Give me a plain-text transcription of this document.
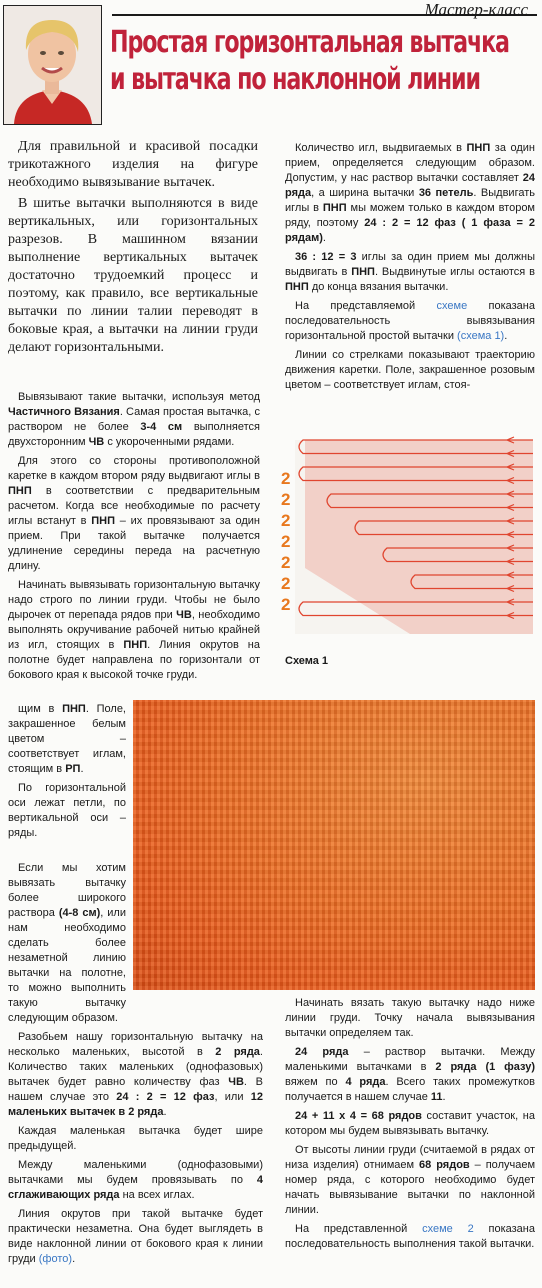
Мастер-класс
Простая горизонтальная вытачка
и вытачка по наклонной линии

Для правильной и красивой посадки трикотажного изделия на фигуре необходимо вывязывание вытачек.

В шитье вытачки выполняются в виде вертикальных, или горизонтальных разрезов. В машинном вязании выполнение вертикальных вытачек достаточно трудоемкий процесс и поэтому, как правило, все вертикальные вытачки по линии талии переводят в боковые края, а вытачки на линии груди делают горизонтальными.

Вывязывают такие вытачки, используя метод Частичного Вязания. Самая простая вытачка, с раствором не более 3-4 см выполняется двухсторонним ЧВ с укороченными рядами.

Для этого со стороны противоположной каретке в каждом втором ряду выдвигают иглы в ПНП в соответствии с предварительным расчетом. Когда все необходимые по расчету иглы встанут в ПНП – их провязывают за один прием. При такой вытачке получается удлинение середины переда на расчетную длину.

Начинать вывязывать горизонтальную вытачку надо строго по линии груди. Чтобы не было дырочек от перепада рядов при ЧВ, необходимо выполнять окручивание рабочей нитью крайней из игл, стоящих в ПНП. Линия окрутов на полотне будет направлена по горизонтали от бокового края к высокой точке груди.

Количество игл, выдвигаемых в ПНП за один прием, определяется следующим образом. Допустим, у нас раствор вытачки составляет 24 ряда, а ширина вытачки 36 петель. Выдвигать иглы в ПНП мы можем только в каждом втором ряду, поэтому 24 : 2 = 12 фаз ( 1 фаза = 2 рядам).

36 : 12 = 3 иглы за один прием мы должны выдвигать в ПНП. Выдвинутые иглы остаются в ПНП до конца вязания вытачки.

На представляемой схеме показана последовательность вывязывания горизонтальной простой вытачки (схема 1).

Линии со стрелками показывают траекторию движения каретки. Поле, закрашенное розовым цветом – соответствует иглам, стоя-

2
2
2
2
2
2
2
Схема 1

щим в ПНП. Поле, закрашенное белым цветом – соответствует иглам, стоящим в РП.

По горизонтальной оси лежат петли, по вертикальной оси – ряды.

Если мы хотим вывязать вытачку более широкого раствора (4-8 см), или нам необходимо сделать более незаметной линию вытачки на полотне, то можно выполнить такую вытачку следующим образом.

Разобьем нашу горизонтальную вытачку на несколько маленьких, высотой в 2 ряда. Количество таких маленьких (однофазовых) вытачек будет равно количеству фаз ЧВ. В нашем случае это 24 : 2 = 12 фаз, или 12 маленьких вытачек в 2 ряда.

Каждая маленькая вытачка будет шире предыдущей.

Между маленькими (однофазовыми) вытачками мы будем провязывать по 4 сглаживающих ряда на всех иглах.

Линия окрутов при такой вытачке будет практически незаметна. Она будет выглядеть в виде наклонной линии от бокового края к линии груди (фото).

Начинать вязать такую вытачку надо ниже линии груди. Точку начала вывязывания вытачки определяем так.

24 ряда – раствор вытачки. Между маленькими вытачками в 2 ряда (1 фазу) вяжем по 4 ряда. Всего таких промежутков получается в нашем случае 11.

24 + 11 х 4 = 68 рядов составит участок, на котором мы будем вывязывать вытачку.

От высоты линии груди (считаемой в рядах от низа изделия) отнимаем 68 рядов – получаем номер ряда, с которого необходимо будет начать вывязывание вытачки по наклонной линии.

На представленной схеме 2 показана последовательность выполнения такой вытачки.
